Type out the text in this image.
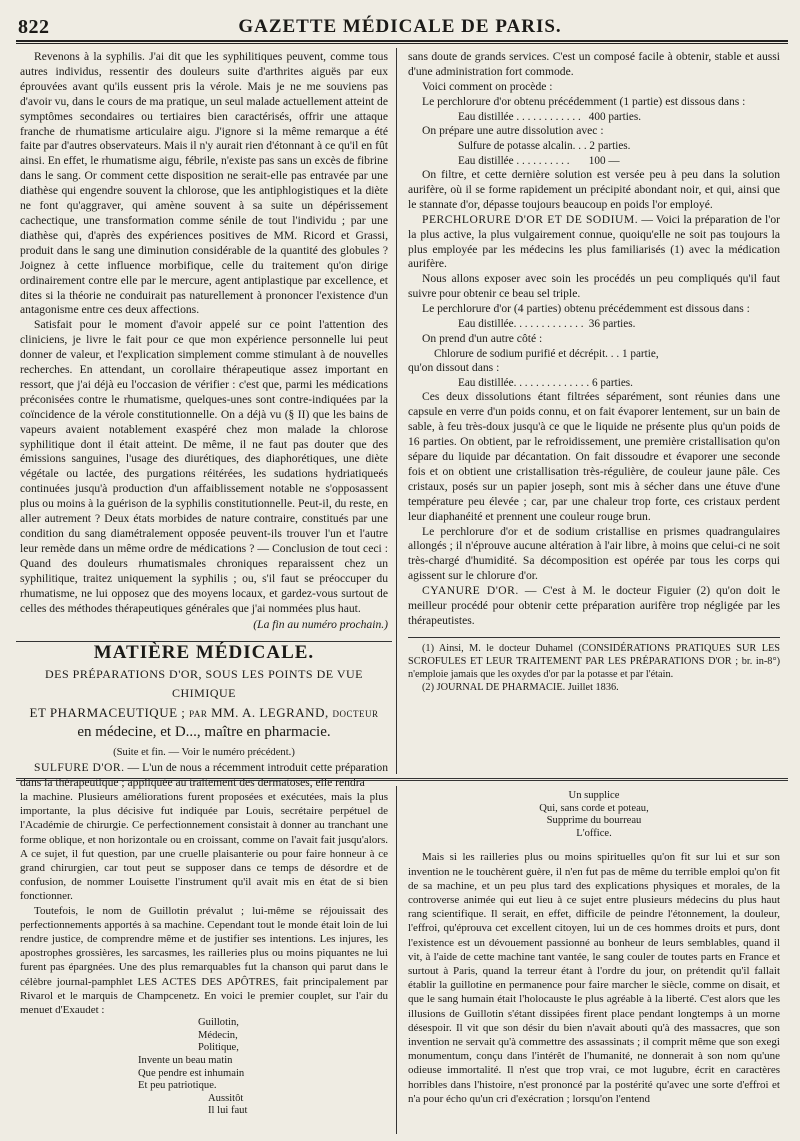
822	GAZETTE MÉDICALE DE PARIS.

Revenons à la syphilis. J'ai dit que les syphilitiques peuvent, comme tous autres individus, ressentir des douleurs suite d'arthrites aiguës par eux éprouvées avant qu'ils eussent pris la vérole. Mais je ne me souviens pas d'avoir vu, dans le cours de ma pratique, un seul malade actuellement atteint de symptômes secondaires ou tertiaires bien caractérisés, offrir une attaque franche de rhumatisme articulaire aigu. J'ignore si la même remarque a été faite par d'autres observateurs. Mais il n'y aurait rien d'étonnant à ce qu'il en fût ainsi. En effet, le rhumatisme aigu, fébrile, n'existe pas sans un excès de fibrine dans le sang. Or comment cette disposition ne serait-elle pas entravée par une diathèse qui engendre souvent la chlorose, que les antiphlogistiques et la diète ne font qu'aggraver, qui amène souvent à sa suite un dépérissement cachectique, une transformation comme sénile de tout l'individu ; par une diathèse qui, d'après des expériences positives de MM. Ricord et Grassi, produit dans le sang une diminution considérable de la quantité des globules ? Joignez à cette influence morbifique, celle du traitement qu'on dirige ordinairement contre elle par le mercure, agent antiplastique par excellence, et dites si la théorie ne conduirait pas naturellement à prononcer l'existence d'un antagonisme entre ces deux affections.

Satisfait pour le moment d'avoir appelé sur ce point l'attention des cliniciens, je livre le fait pour ce que mon expérience personnelle lui peut donner de valeur, et l'explication simplement comme stimulant à de nouvelles recherches. En attendant, un corollaire thérapeutique assez important en ressort, que j'ai déjà eu l'occasion de vérifier : c'est que, parmi les médications préconisées contre le rhumatisme, quelques-unes sont contre-indiquées par la coïncidence de la vérole constitutionnelle. On a déjà vu (§ II) que les bains de vapeurs avaient notablement exaspéré chez mon malade la chlorose syphilitique dont il était atteint. De même, il ne faut pas douter que des émissions sanguines, l'usage des diurétiques, des diaphorétiques, une diète végétale ou lactée, des purgations réitérées, les sudations hydriatiqueés continuées jusqu'à production d'un affaiblissement notable ne s'opposassent plus ou moins à la guérison de la syphilis constitutionnelle. Peut-il, du reste, en aller autrement ? Deux états morbides de nature contraire, constitués par une condition du sang diamétralement opposée peuvent-ils trouver l'un et l'autre leur remède dans un même ordre de médications ? — Conclusion de tout ceci : Quand des douleurs rhumatismales chroniques reparaissent chez un syphilitique, traitez uniquement la syphilis ; ou, s'il faut se préoccuper du rhumatisme, ne lui opposez que des moyens locaux, et gardez-vous surtout de celles des méthodes thérapeutiques générales que j'ai nommées plus haut.

(La fin au numéro prochain.)

MATIÈRE MÉDICALE.
DES PRÉPARATIONS D'OR, SOUS LES POINTS DE VUE CHIMIQUE
ET PHARMACEUTIQUE ; par MM. A. LEGRAND, docteur
en médecine, et D..., maître en pharmacie.

(Suite et fin. — Voir le numéro précédent.)

SULFURE D'OR. — L'un de nous a récemment introduit cette préparation dans la thérapeutique ; appliquée au traitement des dermatoses, elle rendra

sans doute de grands services. C'est un composé facile à obtenir, stable et aussi d'une administration fort commode.

Voici comment on procède :

Le perchlorure d'or obtenu précédemment (1 partie) est dissous dans :

Eau distillée . . . . . . . . . . . . 400 parties.

On prépare une autre dissolution avec :

Sulfure de potasse alcalin. . . 2 parties.
Eau distillée . . . . . . . . . . 100 —

On filtre, et cette dernière solution est versée peu à peu dans la solution aurifère, où il se forme rapidement un précipité abondant noir, et qui, ainsi que le stannate d'or, dépasse toujours beaucoup en poids l'or employé.

PERCHLORURE D'OR ET DE SODIUM. — Voici la préparation de l'or la plus active, la plus vulgairement connue, quoiqu'elle ne soit pas toujours la plus employée par les médecins les plus familiarisés (1) avec la médication aurifère.

Nous allons exposer avec soin les procédés un peu compliqués qu'il faut suivre pour obtenir ce beau sel triple.

Le perchlorure d'or (4 parties) obtenu précédemment est dissous dans :

Eau distillée. . . . . . . . . . . . . 36 parties.

On prend d'un autre côté :

Chlorure de sodium purifié et décrépit. . . 1 partie,

qu'on dissout dans :

Eau distillée. . . . . . . . . . . . . . 6 parties.

Ces deux dissolutions étant filtrées séparément, sont réunies dans une capsule en verre d'un poids connu, et on fait évaporer lentement, sur un bain de sable, à feu très-doux jusqu'à ce que le liquide ne présente plus qu'un poids de 16 parties. On obtient, par le refroidissement, une première cristallisation qu'on sépare du liquide par décantation. On fait dissoudre et évaporer une seconde fois et on obtient une cristallisation très-régulière, de couleur jaune pâle. Ces cristaux, posés sur un papier joseph, sont mis à sécher dans une étuve d'une température peu élevée ; car, par une chaleur trop forte, ces cristaux perdent leur diaphanéité et prennent une couleur rouge brun.

Le perchlorure d'or et de sodium cristallise en prismes quadrangulaires allongés ; il n'éprouve aucune altération à l'air libre, à moins que celui-ci ne soit très-chargé d'humidité. Sa décomposition est opérée par tous les corps qui agissent sur le chlorure d'or.

CYANURE D'OR. — C'est à M. le docteur Figuier (2) qu'on doit le meilleur procédé pour obtenir cette préparation aurifère trop négligée par les thérapeutistes.

(1) Ainsi, M. le docteur Duhamel (CONSIDÉRATIONS PRATIQUES SUR LES SCROFULES ET LEUR TRAITEMENT PAR LES PRÉPARATIONS D'OR ; br. in-8°) n'emploie jamais que les oxydes d'or par la potasse et par l'étain.

(2) JOURNAL DE PHARMACIE. Juillet 1836.

la machine. Plusieurs améliorations furent proposées et exécutées, mais la plus importante, la plus décisive fut indiquée par Louis, secrétaire perpétuel de l'Académie de chirurgie. Ce perfectionnement consistait à donner au tranchant une forme oblique, et non horizontale ou en croissant, comme on l'avait fait jusqu'alors. A ce sujet, il fut question, par une cruelle plaisanterie ou pour faire honneur à ce grand chirurgien, car tout peut se supposer dans ce temps de désordre et de confusion, de nommer Louisette l'instrument qu'il avait mis en état de si bien fonctionner.

Toutefois, le nom de Guillotin prévalut ; lui-même se réjouissait des perfectionnements apportés à sa machine. Cependant tout le monde était loin de lui rendre justice, de comprendre même et de justifier ses intentions. Les injures, les apostrophes grossières, les sarcasmes, les railleries plus ou moins piquantes ne lui furent pas épargnées. Une des plus remarquables fut la chanson qui parut dans le célèbre journal-pamphlet LES ACTES DES APÔTRES, fait principalement par Rivarol et le marquis de Champcenetz. En voici le premier couplet, sur l'air du menuet d'Exaudet :

Guillotin,
Médecin,
Politique,
Invente un beau matin
Que pendre est inhumain
Et peu patriotique.
Aussitôt
Il lui faut
Un supplice
Qui, sans corde et poteau,
Supprime du bourreau
L'office.

Mais si les railleries plus ou moins spirituelles qu'on fit sur lui et sur son invention ne le touchèrent guère, il n'en fut pas de même du terrible emploi qu'on fit de sa machine, et un peu plus tard des explications physiques et morales, de la controverse animée qui eut lieu à ce sujet entre plusieurs médecins du plus haut rang scientifique. Il serait, en effet, difficile de peindre l'étonnement, la douleur, l'effroi, qu'éprouva cet excellent citoyen, lui un de ces hommes droits et purs, dont l'existence est un dévouement passionné au bonheur de leurs semblables, quand il vit, à l'aide de cette machine tant vantée, le sang couler de toutes parts en France et surtout à Paris, quand la terreur étant à l'ordre du jour, on prétendit qu'il fallait établir la guillotine en permanence pour faire marcher le siècle, comme on disait, et que le sang humain était l'holocauste le plus agréable à la liberté. C'est alors que les illusions de Guillotin s'étant dissipées firent place pendant longtemps à un morne désespoir. Il vit que son désir du bien n'avait abouti qu'à des massacres, que son invention ne servait qu'à commettre des assassinats ; il comprit même que son exegi monumentum, conçu dans l'intérêt de l'humanité, ne donnerait à son nom qu'une odieuse immortalité. Il n'est que trop vrai, ce mot lugubre, écrit en caractères horribles dans l'histoire, n'est prononcé par la postérité qu'avec une sorte d'effroi et n'a pour écho qu'un cri d'exécration ; lorsqu'on l'entend
